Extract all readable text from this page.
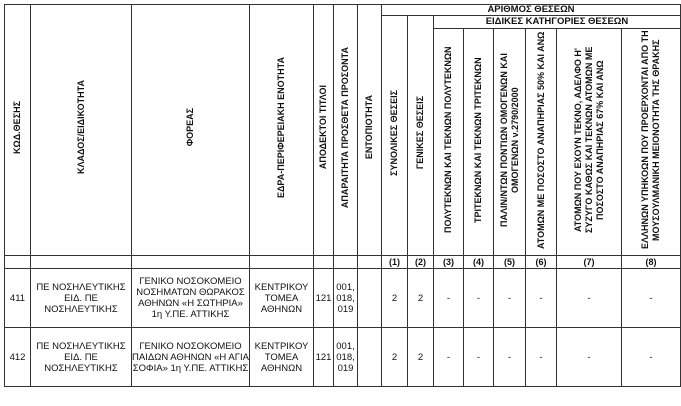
ΚΩΔ.ΘΕΣΗΣ	ΚΛΑΔΟΣ/ΕΙΔΙΚΟΤΗΤΑ	ΦΟΡΕΑΣ	ΕΔΡΑ-ΠΕΡΙΦΕΡΕΙΑΚΗ ΕΝΟΤΗΤΑ	ΑΠΟΔΕΚΤΟΙ ΤΙΤΛΟΙ	ΑΠΑΡΑΙΤΗΤΑ ΠΡΟΣΘΕΤΑ ΠΡΟΣΟΝΤΑ	ΕΝΤΟΠΙΟΤΗΤΑ	ΑΡΙΘΜΟΣ ΘΕΣΕΩΝ							
							ΣΥΝΟΛΙΚΕΣ ΘΕΣΕΙΣ	ΓΕΝΙΚΕΣ ΘΕΣΕΙΣ	ΕΙΔΙΚΕΣ ΚΑΤΗΓΟΡΙΕΣ ΘΕΣΕΩΝ					
									ΠΟΛΥΤΕΚΝΩΝ ΚΑΙ ΤΕΚΝΩΝ ΠΟΛΥΤΕΚΝΩΝ	ΤΡΙΤΕΚΝΩΝ ΚΑΙ ΤΕΚΝΩΝ ΤΡΙΤΕΚΝΩΝ	ΠΑΛΙΝ/ΝΤΩΝ ΠΟΝΤΙΩΝ ΟΜΟΓΕΝΩΝ ΚΑΙ ΟΜΟΓΕΝΩΝ ν.2790/2000	ΑΤΟΜΩΝ ΜΕ ΠΟΣΟΣΤΟ ΑΝΑΠΗΡΙΑΣ 50% ΚΑΙ ΑΝΩ	ΑΤΟΜΩΝ ΠΟΥ ΕΧΟΥΝ ΤΕΚΝΟ, ΑΔΕΛΦΟ Η' ΣΥΖΥΓΟ ΚΑΘΩΣ ΚΑΙ ΤΕΚΝΩΝ ΑΤΟΜΩΝ ΜΕ ΠΟΣΟΣΤΟ ΑΝΑΠΗΡΙΑΣ 67% ΚΑΙ ΑΝΩ	ΕΛΛΗΝΩΝ ΥΠΗΚΟΩΝ ΠΟΥ ΠΡΟΕΡΧΟΝΤΑΙ ΑΠΟ ΤΗ ΜΟΥΣΟΥΛΜΑΝΙΚΗ ΜΕΙΟΝΟΤΗΤΑ ΤΗΣ ΘΡΑΚΗΣ
							(1)	(2)	(3)	(4)	(5)	(6)	(7)	(8)
411	ΠΕ ΝΟΣΗΛΕΥΤΙΚΗΣ ΕΙΔ. ΠΕ ΝΟΣΗΛΕΥΤΙΚΗΣ	ΓΕΝΙΚΟ ΝΟΣΟΚΟΜΕΙΟ ΝΟΣΗΜΑΤΩΝ ΘΩΡΑΚΟΣ ΑΘΗΝΩΝ «Η ΣΩΤΗΡΙΑ» 1η Υ.ΠΕ. ΑΤΤΙΚΗΣ	ΚΕΝΤΡΙΚΟΥ ΤΟΜΕΑ ΑΘΗΝΩΝ	121	001, 018, 019		2	2	-	-	-	-	-	-
412	ΠΕ ΝΟΣΗΛΕΥΤΙΚΗΣ ΕΙΔ. ΠΕ ΝΟΣΗΛΕΥΤΙΚΗΣ	ΓΕΝΙΚΟ ΝΟΣΟΚΟΜΕΙΟ ΠΑΙΔΩΝ ΑΘΗΝΩΝ «Η ΑΓΙΑ ΣΟΦΙΑ» 1η Υ.ΠΕ. ΑΤΤΙΚΗΣ	ΚΕΝΤΡΙΚΟΥ ΤΟΜΕΑ ΑΘΗΝΩΝ	121	001, 018, 019		2	2	-	-	-	-	-	-
